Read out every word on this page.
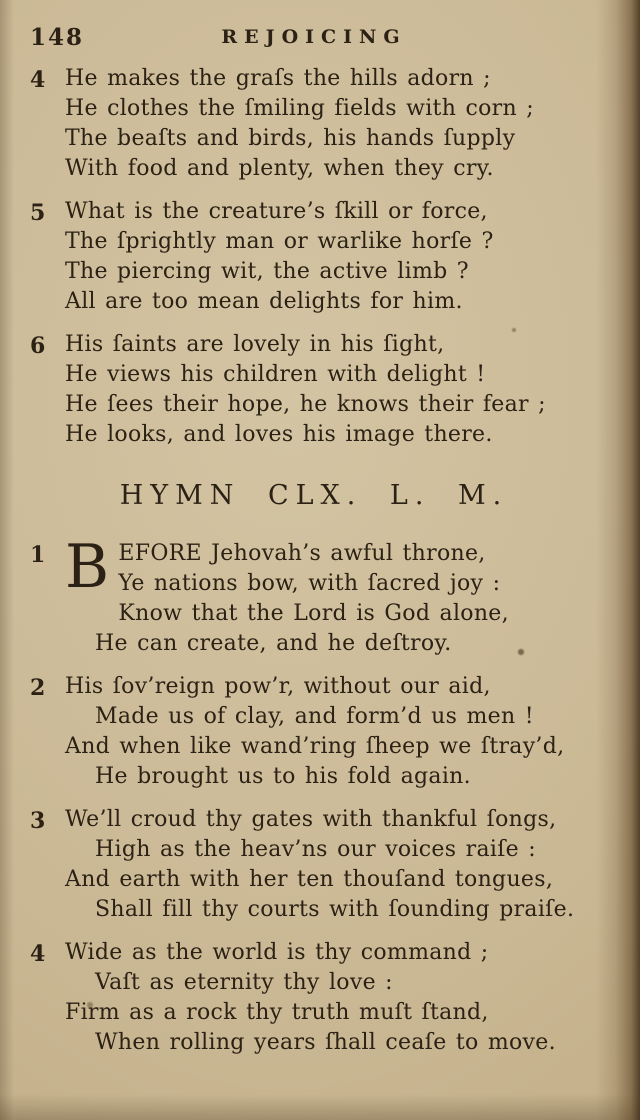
148	REJOICING
4 He makes the graſs the hills adorn ;
He clothes the ſmiling fields with corn ;
The beaſts and birds, his hands ſupply
With food and plenty, when they cry.
5 What is the creature’s ſkill or force,
The ſprightly man or warlike horſe ?
The piercing wit, the active limb ?
All are too mean delights for him.
6 His ſaints are lovely in his ſight,
He views his children with delight !
He ſees their hope, he knows their fear ;
He looks, and loves his image there.
HYMN CLX. L. M.
1 BEFORE Jehovah’s awful throne,
Ye nations bow, with ſacred joy :
Know that the Lord is God alone,
He can create, and he deſtroy.
2 His ſov’reign pow’r, without our aid,
Made us of clay, and form’d us men !
And when like wand’ring ſheep we ſtray’d,
He brought us to his fold again.
3 We’ll croud thy gates with thankful ſongs,
High as the heav’ns our voices raiſe :
And earth with her ten thouſand tongues,
Shall fill thy courts with ſounding praiſe.
4 Wide as the world is thy command ;
Vaſt as eternity thy love :
Firm as a rock thy truth muſt ſtand,
When rolling years ſhall ceaſe to move.
